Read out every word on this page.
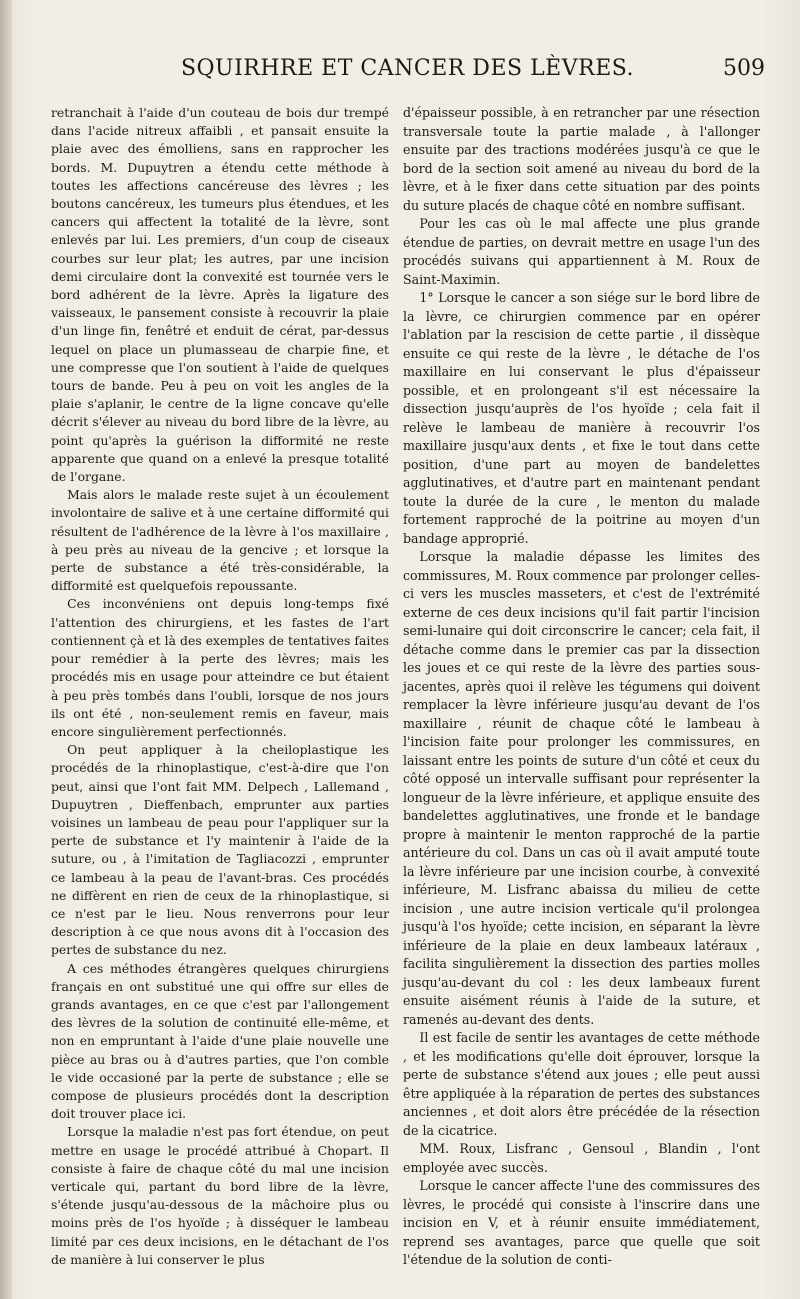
SQUIRHRE ET CANCER DES LÈVRES.	509

retranchait à l'aide d'un couteau de bois dur trempé dans l'acide nitreux affaibli , et pansait ensuite la plaie avec des émolliens, sans en rapprocher les bords. M. Dupuytren a étendu cette méthode à toutes les affections cancéreuse des lèvres ; les boutons cancéreux, les tumeurs plus étendues, et les cancers qui affectent la totalité de la lèvre, sont enlevés par lui. Les premiers, d'un coup de ciseaux courbes sur leur plat; les autres, par une incision demi circulaire dont la convexité est tournée vers le bord adhérent de la lèvre. Après la ligature des vaisseaux, le pansement consiste à recouvrir la plaie d'un linge fin, fenêtré et enduit de cérat, par-dessus lequel on place un plumasseau de charpie fine, et une compresse que l'on soutient à l'aide de quelques tours de bande. Peu à peu on voit les angles de la plaie s'aplanir, le centre de la ligne concave qu'elle décrit s'élever au niveau du bord libre de la lèvre, au point qu'après la guérison la difformité ne reste apparente que quand on a enlevé la presque totalité de l'organe.

Mais alors le malade reste sujet à un écoulement involontaire de salive et à une certaine difformité qui résultent de l'adhérence de la lèvre à l'os maxillaire , à peu près au niveau de la gencive ; et lorsque la perte de substance a été très-considérable, la difformité est quelquefois repoussante.

Ces inconvéniens ont depuis long-temps fixé l'attention des chirurgiens, et les fastes de l'art contiennent çà et là des exemples de tentatives faites pour remédier à la perte des lèvres; mais les procédés mis en usage pour atteindre ce but étaient à peu près tombés dans l'oubli, lorsque de nos jours ils ont été , non-seulement remis en faveur, mais encore singulièrement perfectionnés.

On peut appliquer à la cheiloplastique les procédés de la rhinoplastique, c'est-à-dire que l'on peut, ainsi que l'ont fait MM. Delpech , Lallemand , Dupuytren , Dieffenbach, emprunter aux parties voisines un lambeau de peau pour l'appliquer sur la perte de substance et l'y maintenir à l'aide de la suture, ou , à l'imitation de Tagliacozzi , emprunter ce lambeau à la peau de l'avant-bras. Ces procédés ne diffèrent en rien de ceux de la rhinoplastique, si ce n'est par le lieu. Nous renverrons pour leur description à ce que nous avons dit à l'occasion des pertes de substance du nez.

A ces méthodes étrangères quelques chirurgiens français en ont substitué une qui offre sur elles de grands avantages, en ce que c'est par l'allongement des lèvres de la solution de continuité elle-même, et non en empruntant à l'aide d'une plaie nouvelle une pièce au bras ou à d'autres parties, que l'on comble le vide occasioné par la perte de substance ; elle se compose de plusieurs procédés dont la description doit trouver place ici.

Lorsque la maladie n'est pas fort étendue, on peut mettre en usage le procédé attribué à Chopart. Il consiste à faire de chaque côté du mal une incision verticale qui, partant du bord libre de la lèvre, s'étende jusqu'au-dessous de la mâchoire plus ou moins près de l'os hyoïde ; à disséquer le lambeau limité par ces deux incisions, en le détachant de l'os de manière à lui conserver le plus

d'épaisseur possible, à en retrancher par une résection transversale toute la partie malade , à l'allonger ensuite par des tractions modérées jusqu'à ce que le bord de la section soit amené au niveau du bord de la lèvre, et à le fixer dans cette situation par des points du suture placés de chaque côté en nombre suffisant.

Pour les cas où le mal affecte une plus grande étendue de parties, on devrait mettre en usage l'un des procédés suivans qui appartiennent à M. Roux de Saint-Maximin.

1° Lorsque le cancer a son siége sur le bord libre de la lèvre, ce chirurgien commence par en opérer l'ablation par la rescision de cette partie , il dissèque ensuite ce qui reste de la lèvre , le détache de l'os maxillaire en lui conservant le plus d'épaisseur possible, et en prolongeant s'il est nécessaire la dissection jusqu'auprès de l'os hyoïde ; cela fait il relève le lambeau de manière à recouvrir l'os maxillaire jusqu'aux dents , et fixe le tout dans cette position, d'une part au moyen de bandelettes agglutinatives, et d'autre part en maintenant pendant toute la durée de la cure , le menton du malade fortement rapproché de la poitrine au moyen d'un bandage approprié.

Lorsque la maladie dépasse les limites des commissures, M. Roux commence par prolonger celles-ci vers les muscles masseters, et c'est de l'extrémité externe de ces deux incisions qu'il fait partir l'incision semi-lunaire qui doit circonscrire le cancer; cela fait, il détache comme dans le premier cas par la dissection les joues et ce qui reste de la lèvre des parties sous-jacentes, après quoi il relève les tégumens qui doivent remplacer la lèvre inférieure jusqu'au devant de l'os maxillaire , réunit de chaque côté le lambeau à l'incision faite pour prolonger les commissures, en laissant entre les points de suture d'un côté et ceux du côté opposé un intervalle suffisant pour représenter la longueur de la lèvre inférieure, et applique ensuite des bandelettes agglutinatives, une fronde et le bandage propre à maintenir le menton rapproché de la partie antérieure du col. Dans un cas où il avait amputé toute la lèvre inférieure par une incision courbe, à convexité inférieure, M. Lisfranc abaissa du milieu de cette incision , une autre incision verticale qu'il prolongea jusqu'à l'os hyoïde; cette incision, en séparant la lèvre inférieure de la plaie en deux lambeaux latéraux , facilita singulièrement la dissection des parties molles jusqu'au-devant du col : les deux lambeaux furent ensuite aisément réunis à l'aide de la suture, et ramenés au-devant des dents.

Il est facile de sentir les avantages de cette méthode , et les modifications qu'elle doit éprouver, lorsque la perte de substance s'étend aux joues ; elle peut aussi être appliquée à la réparation de pertes des substances anciennes , et doit alors être précédée de la résection de la cicatrice.

MM. Roux, Lisfranc , Gensoul , Blandin , l'ont employée avec succès.

Lorsque le cancer affecte l'une des commissures des lèvres, le procédé qui consiste à l'inscrire dans une incision en V, et à réunir ensuite immédiatement, reprend ses avantages, parce que quelle que soit l'étendue de la solution de conti-
